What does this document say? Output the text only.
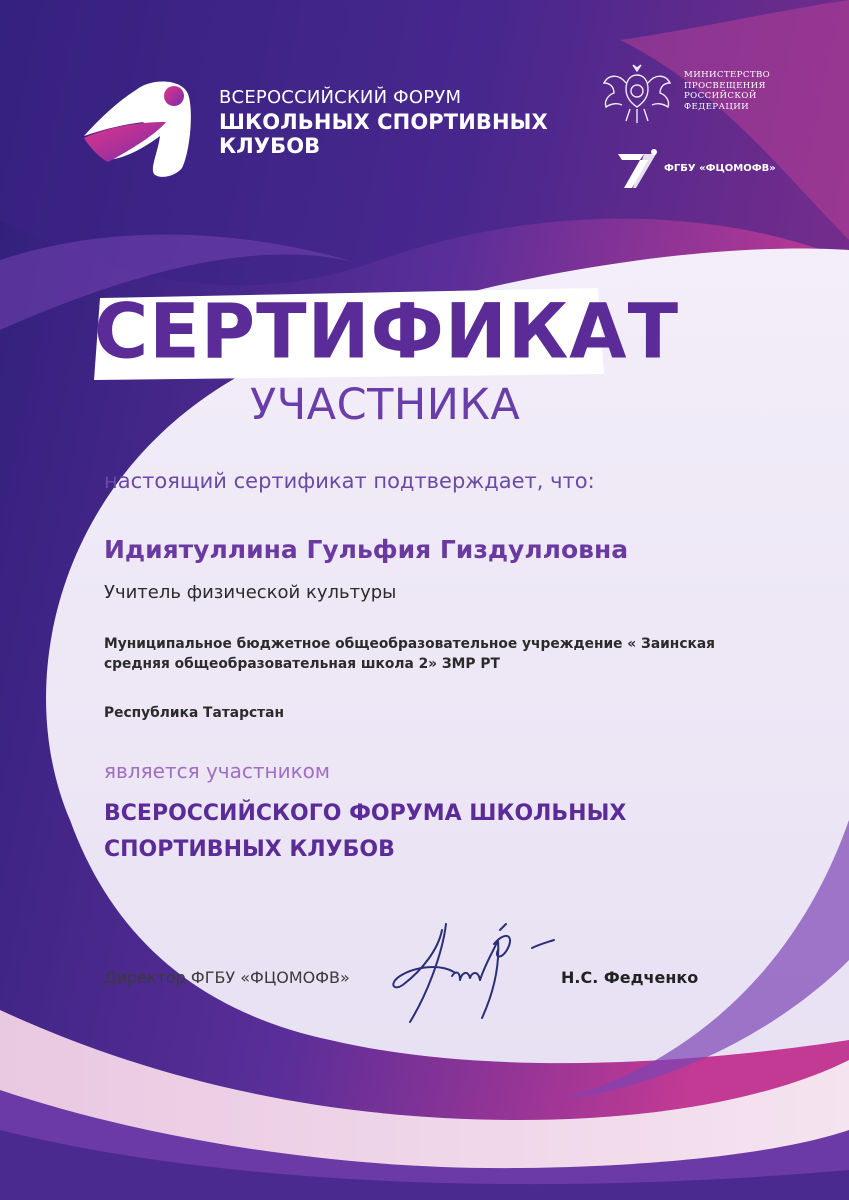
ВСЕРОССИЙСКИЙ ФОРУМ
ШКОЛЬНЫХ СПОРТИВНЫХ
КЛУБОВ
МИНИСТЕРСТВО
ПРОСВЕЩЕНИЯ
РОССИЙСКОЙ
ФЕДЕРАЦИИ
ФГБУ «ФЦОМОФВ»
СЕРТИФИКАТ
УЧАСТНИКА
настоящий сертификат подтверждает, что:
Идиятуллина Гульфия Гиздулловна
Учитель физической культуры
Муниципальное бюджетное общеобразовательное учреждение « Заинская
средняя общеобразовательная школа 2» ЗМР РТ
Республика Татарстан
является участником
ВСЕРОССИЙСКОГО ФОРУМА ШКОЛЬНЫХ
СПОРТИВНЫХ КЛУБОВ
Директор ФГБУ «ФЦОМОФВ»	Н.С. Федченко
